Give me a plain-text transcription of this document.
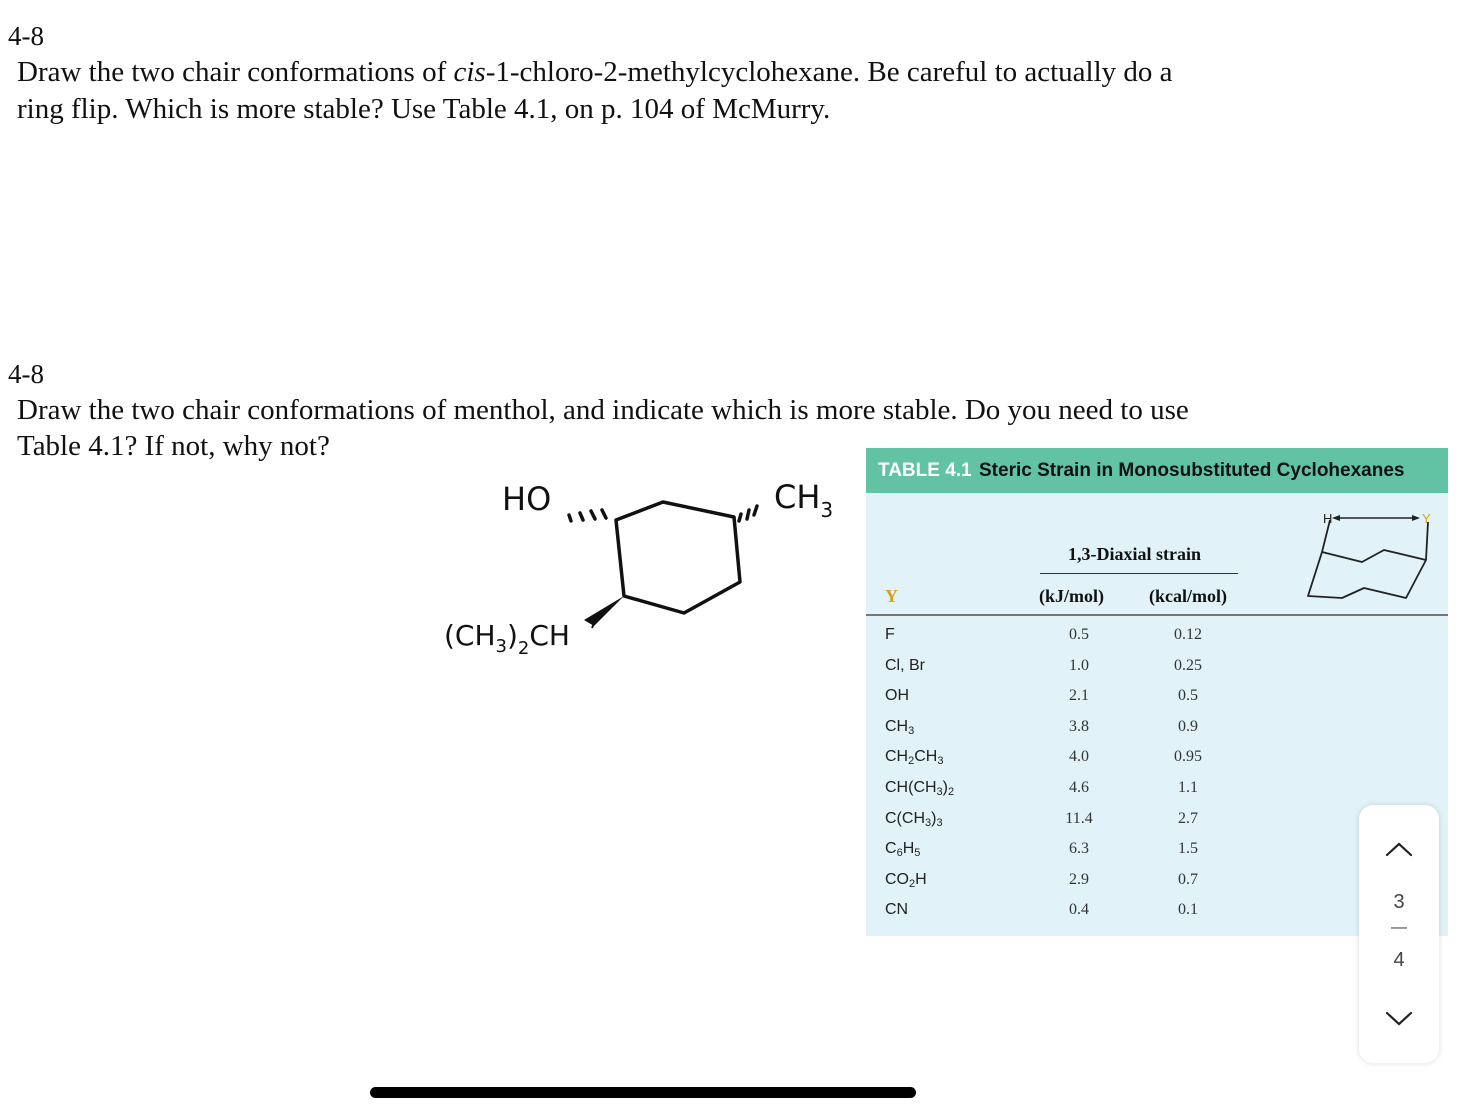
4-8
Draw the two chair conformations of cis-1-chloro-2-methylcyclohexane. Be careful to actually do a
ring flip. Which is more stable? Use Table 4.1, on p. 104 of McMurry.
4-8
Draw the two chair conformations of menthol, and indicate which is more stable. Do you need to use
Table 4.1? If not, why not?
HO	$CH_3$
$(CH_3)_2CH$
TABLE 4.1 Steric Strain in Monosubstituted Cyclohexanes
1,3-Diaxial strain
Y	(kJ/mol)	(kcal/mol)
H	Y
F	0.5	0.12
Cl, Br	1.0	0.25
OH	2.1	0.5
$CH_3$	3.8	0.9
$CH_2CH_3$	4.0	0.95
$CH(CH_3)_2$	4.6	1.1
$C(CH_3)_3$	11.4	2.7
$C_6H_5$	6.3	1.5
$CO_2H$	2.9	0.7
CN	0.4	0.1	3
—
4
